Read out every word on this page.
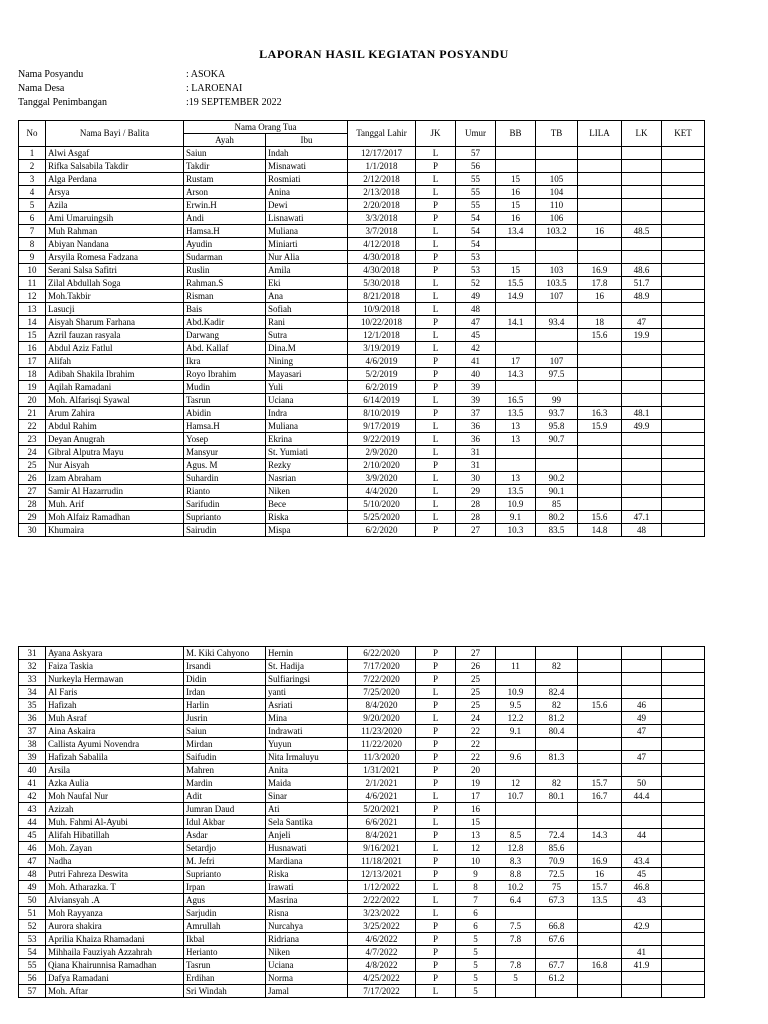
LAPORAN HASIL KEGIATAN POSYANDU
Nama Posyandu	: ASOKA
Nama Desa	: LAROENAI
Tanggal Penimbangan	:19 SEPTEMBER 2022
No	Nama Bayi / Balita	Nama Orang Tua		Tanggal Lahir	JK	Umur	BB	TB	LILA	LK	KET
		Ayah	Ibu								
1	Alwi Asgaf	Saiun	Indah	12/17/2017	L	57					
2	Rifka Salsabila Takdir	Takdir	Misnawati	1/1/2018	P	56					
3	Alga Perdana	Rustam	Rosmiati	2/12/2018	L	55	15	105			
4	Arsya	Arson	Anina	2/13/2018	L	55	16	104			
5	Azila	Erwin.H	Dewi	2/20/2018	P	55	15	110			
6	Ami Umaruingsih	Andi	Lisnawati	3/3/2018	P	54	16	106			
7	Muh Rahman	Hamsa.H	Muliana	3/7/2018	L	54	13.4	103.2	16	48.5	
8	Abiyan Nandana	Ayudin	Miniarti	4/12/2018	L	54					
9	Arsyila Romesa Fadzana	Sudarman	Nur Alia	4/30/2018	P	53					
10	Serani Salsa Safitri	Ruslin	Amila	4/30/2018	P	53	15	103	16.9	48.6	
11	Zilal Abdullah Soga	Rahman.S	Eki	5/30/2018	L	52	15.5	103.5	17.8	51.7	
12	Moh.Takbir	Risman	Ana	8/21/2018	L	49	14.9	107	16	48.9	
13	Lasucji	Bais	Sofiah	10/9/2018	L	48					
14	Aisyah Sharum Farhana	Abd.Kadir	Rani	10/22/2018	P	47	14.1	93.4	18	47	
15	Azril fauzan rasyala	Darwang	Sutra	12/1/2018	L	45			15.6	19.9	
16	Abdul Aziz Fatlul	Abd. Kallaf	Dina.M	3/19/2019	L	42					
17	Alifah	Ikra	Nining	4/6/2019	P	41	17	107			
18	Adibah Shakila Ibrahim	Royo Ibrahim	Mayasari	5/2/2019	P	40	14.3	97.5			
19	Aqilah Ramadani	Mudin	Yuli	6/2/2019	P	39					
20	Moh. Alfarisqi Syawal	Tasrun	Uciana	6/14/2019	L	39	16.5	99			
21	Arum Zahira	Abidin	Indra	8/10/2019	P	37	13.5	93.7	16.3	48.1	
22	Abdul Rahim	Hamsa.H	Muliana	9/17/2019	L	36	13	95.8	15.9	49.9	
23	Deyan Anugrah	Yosep	Ekrina	9/22/2019	L	36	13	90.7			
24	Gibral Alputra Mayu	Mansyur	St. Yumiati	2/9/2020	L	31					
25	Nur Aisyah	Agus. M	Rezky	2/10/2020	P	31					
26	Izam Abraham	Suhardin	Nasrian	3/9/2020	L	30	13	90.2			
27	Samir Al Hazarrudin	Rianto	Niken	4/4/2020	L	29	13.5	90.1			
28	Muh. Arif	Sarifudin	Bece	5/10/2020	L	28	10.9	85			
29	Moh Alfaiz Ramadhan	Suprianto	Riska	5/25/2020	L	28	9.1	80.2	15.6	47.1	
30	Khumaira	Sairudin	Mispa	6/2/2020	P	27	10.3	83.5	14.8	48	
31	Ayana Askyara	M. Kiki Cahyono	Hernin	6/22/2020	P	27					
32	Faiza Taskia	Irsandi	St. Hadija	7/17/2020	P	26	11	82			
33	Nurkeyla Hermawan	Didin	Sulfiaringsi	7/22/2020	P	25					
34	Al Faris	Irdan	yanti	7/25/2020	L	25	10.9	82.4			
35	Hafizah	Harlin	Asriati	8/4/2020	P	25	9.5	82	15.6	46	
36	Muh Asraf	Jusrin	Mina	9/20/2020	L	24	12.2	81.2		49	
37	Aina Askaira	Saiun	Indrawati	11/23/2020	P	22	9.1	80.4		47	
38	Callista Ayumi Novendra	Mirdan	Yuyun	11/22/2020	P	22					
39	Hafizah Sabalila	Saifudin	Nita Irmaluyu	11/3/2020	P	22	9.6	81.3		47	
40	Arsila	Mahren	Anita	1/31/2021	P	20					
41	Azka Aulia	Mardin	Maida	2/1/2021	P	19	12	82	15.7	50	
42	Moh Naufal Nur	Adit	Sinar	4/6/2021	L	17	10.7	80.1	16.7	44.4	
43	Azizah	Jumran Daud	Ati	5/20/2021	P	16					
44	Muh. Fahmi Al-Ayubi	Idul Akbar	Sela Santika	6/6/2021	L	15					
45	Alifah Hibatillah	Asdar	Anjeli	8/4/2021	P	13	8.5	72.4	14.3	44	
46	Moh. Zayan	Setardjo	Husnawati	9/16/2021	L	12	12.8	85.6			
47	Nadha	M. Jefri	Mardiana	11/18/2021	P	10	8.3	70.9	16.9	43.4	
48	Putri Fahreza Deswita	Suprianto	Riska	12/13/2021	P	9	8.8	72.5	16	45	
49	Moh. Atharazka. T	Irpan	Irawati	1/12/2022	L	8	10.2	75	15.7	46.8	
50	Alviansyah .A	Agus	Masrina	2/22/2022	L	7	6.4	67.3	13.5	43	
51	Moh Rayyanza	Sarjudin	Risna	3/23/2022	L	6					
52	Aurora shakira	Amrullah	Nurcahya	3/25/2022	P	6	7.5	66.8		42.9	
53	Aprilia Khaiza Rhamadani	Ikbal	Ridriana	4/6/2022	P	5	7.8	67.6			
54	Mihhaila Fauziyah Azzahrah	Herianto	Niken	4/7/2022	P	5				41	
55	Qiana Khairunnisa Ramadhan	Tasrun	Uciana	4/8/2022	P	5	7.8	67.7	16.8	41.9	
56	Dafya Ramadani	Erdihan	Norma	4/25/2022	P	5	5	61.2			
57	Moh. Aftar	Sri Windah	Jamal	7/17/2022	L	5					
